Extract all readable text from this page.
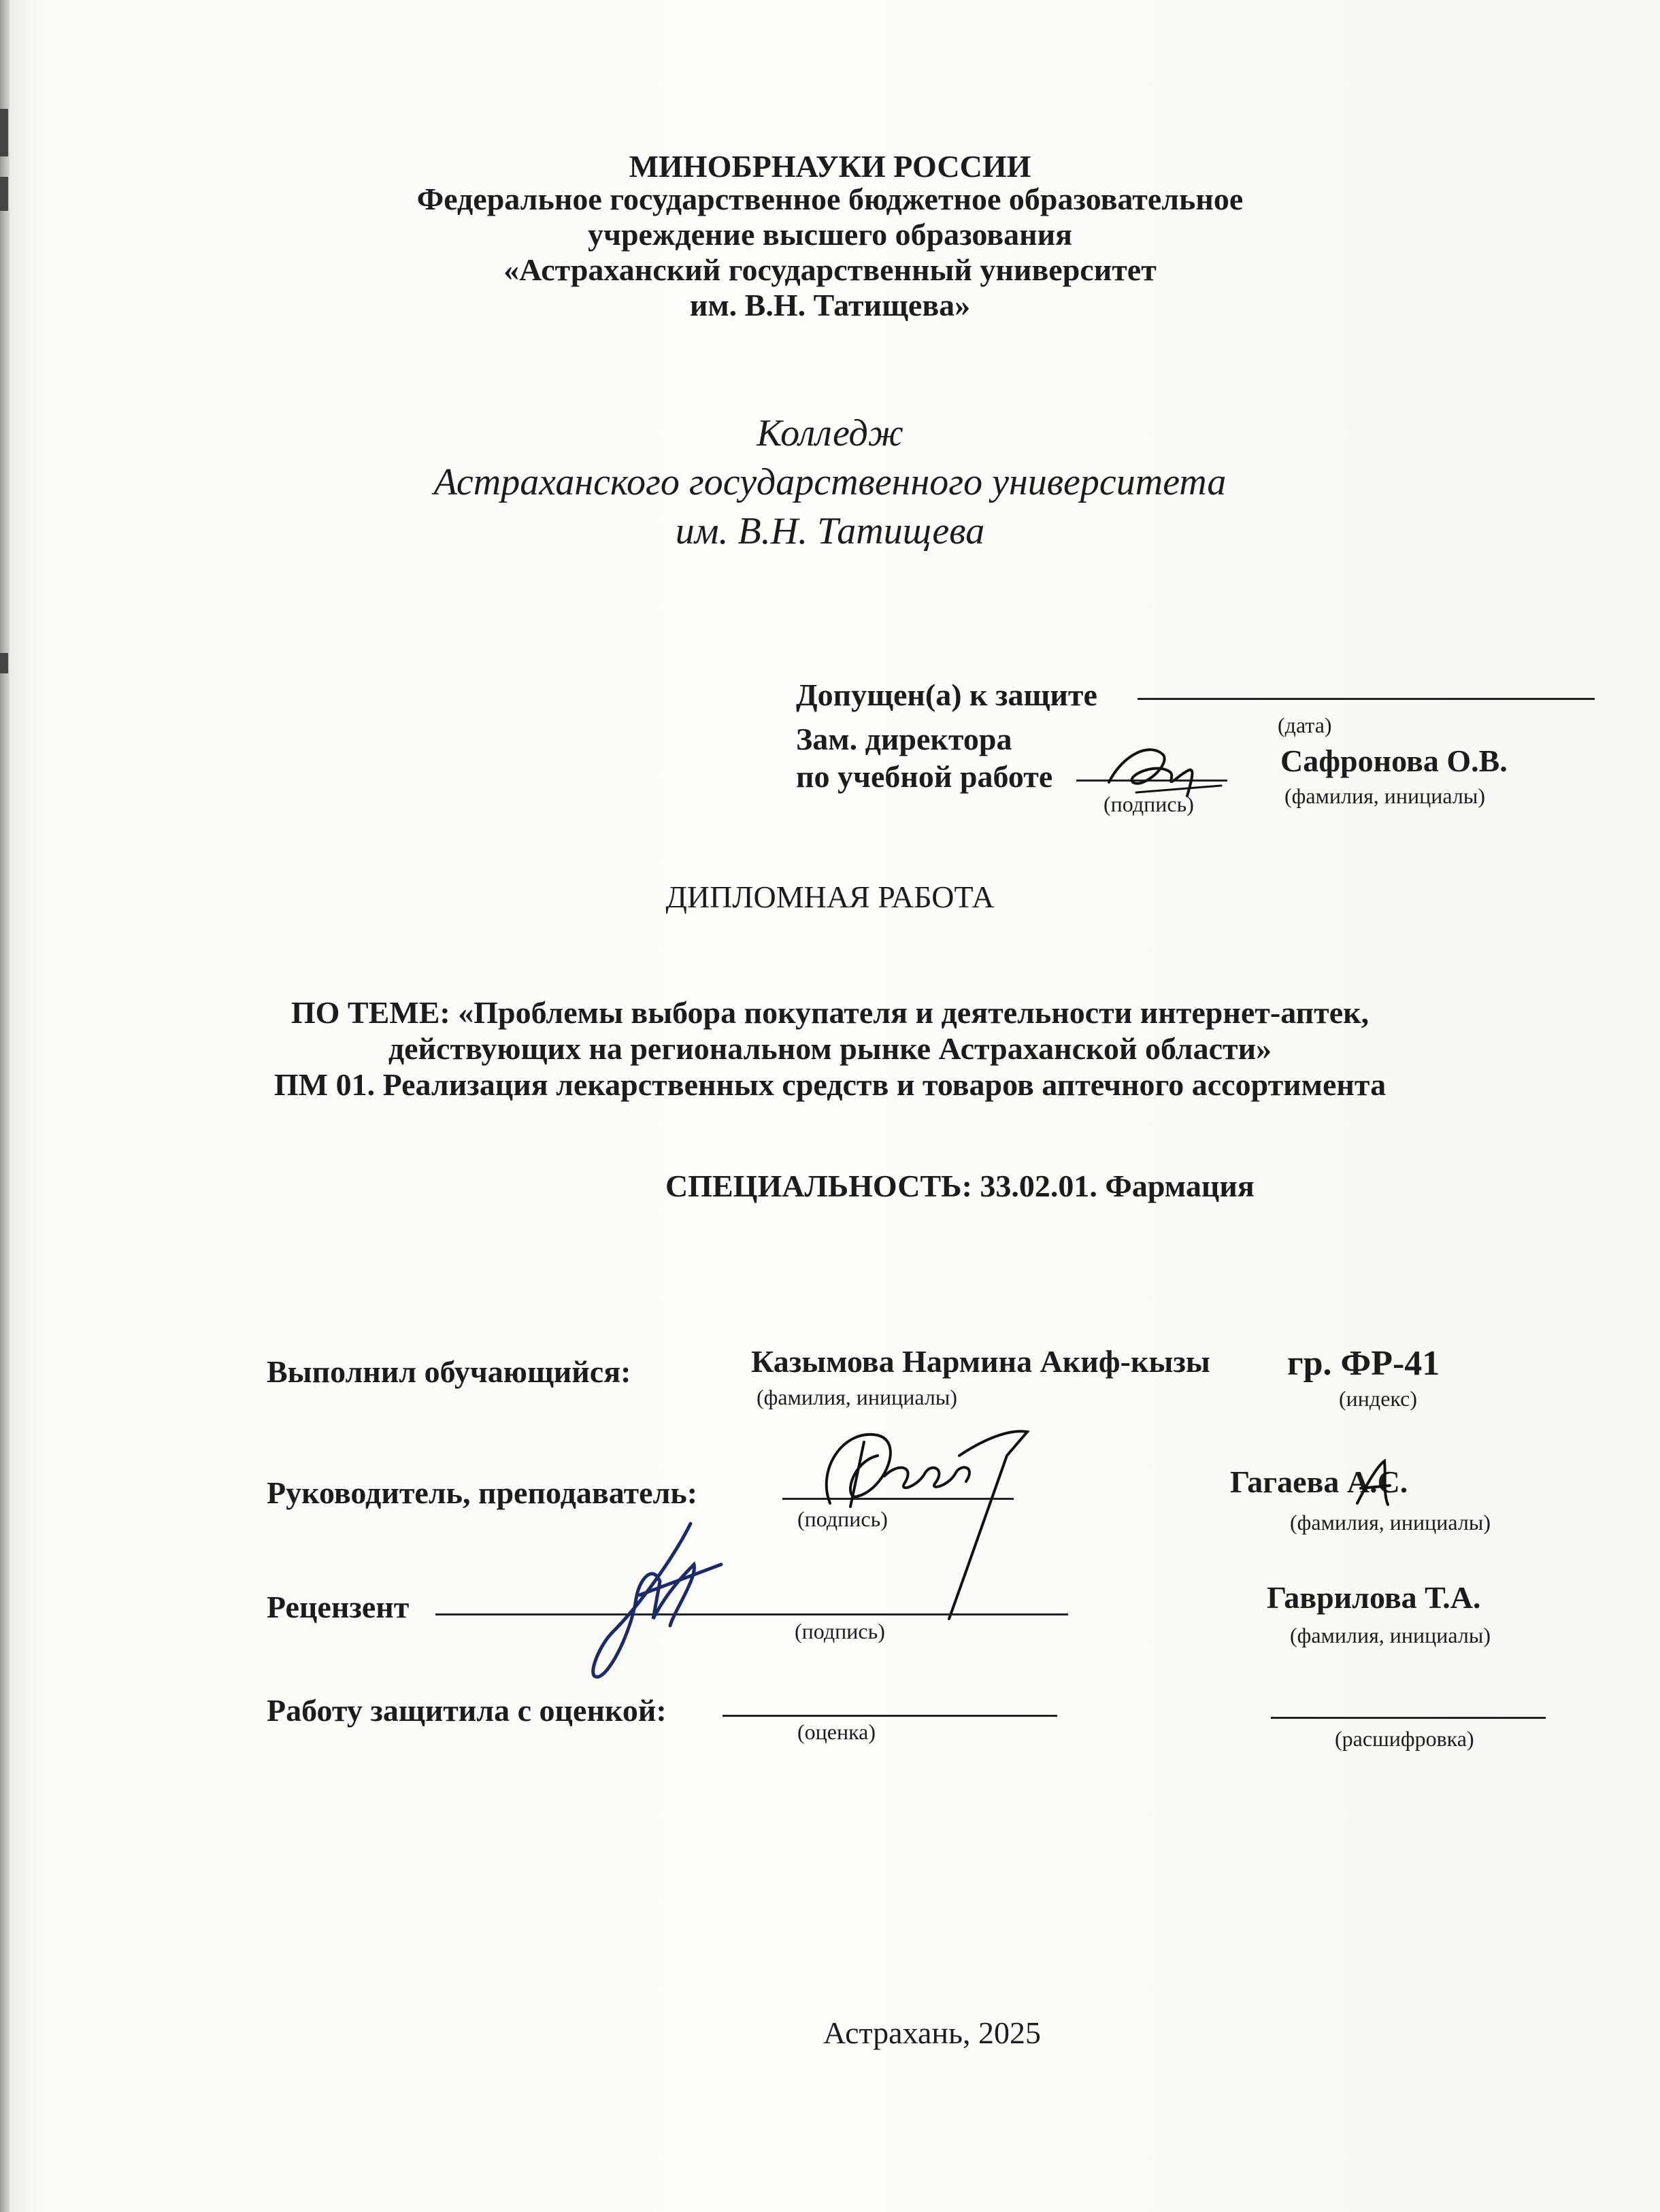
МИНОБРНАУКИ РОССИИ
Федеральное государственное бюджетное образовательное
учреждение высшего образования
«Астраханский государственный университет
им. В.Н. Татищева»
Колледж
Астраханского государственного университета
им. В.Н. Татищева
Допущен(а) к защите
(дата)
Зам. директора
по учебной работе
(подпись)
Сафронова О.В.
(фамилия, инициалы)
ДИПЛОМНАЯ РАБОТА
ПО ТЕМЕ: «Проблемы выбора покупателя и деятельности интернет-аптек,
действующих на региональном рынке Астраханской области»
ПМ 01. Реализация лекарственных средств и товаров аптечного ассортимента
СПЕЦИАЛЬНОСТЬ: 33.02.01. Фармация
Выполнил обучающийся:	Казымова Нармина Акиф-кызы
(фамилия, инициалы)
гр. ФР-41
(индекс)
Руководитель, преподаватель:
(подпись)
Гагаева А.С.
(фамилия, инициалы)
Рецензент
(подпись)
Гаврилова Т.А.
(фамилия, инициалы)
Работу защитила с оценкой:
(оценка)	(расшифровка)
Астрахань, 2025
